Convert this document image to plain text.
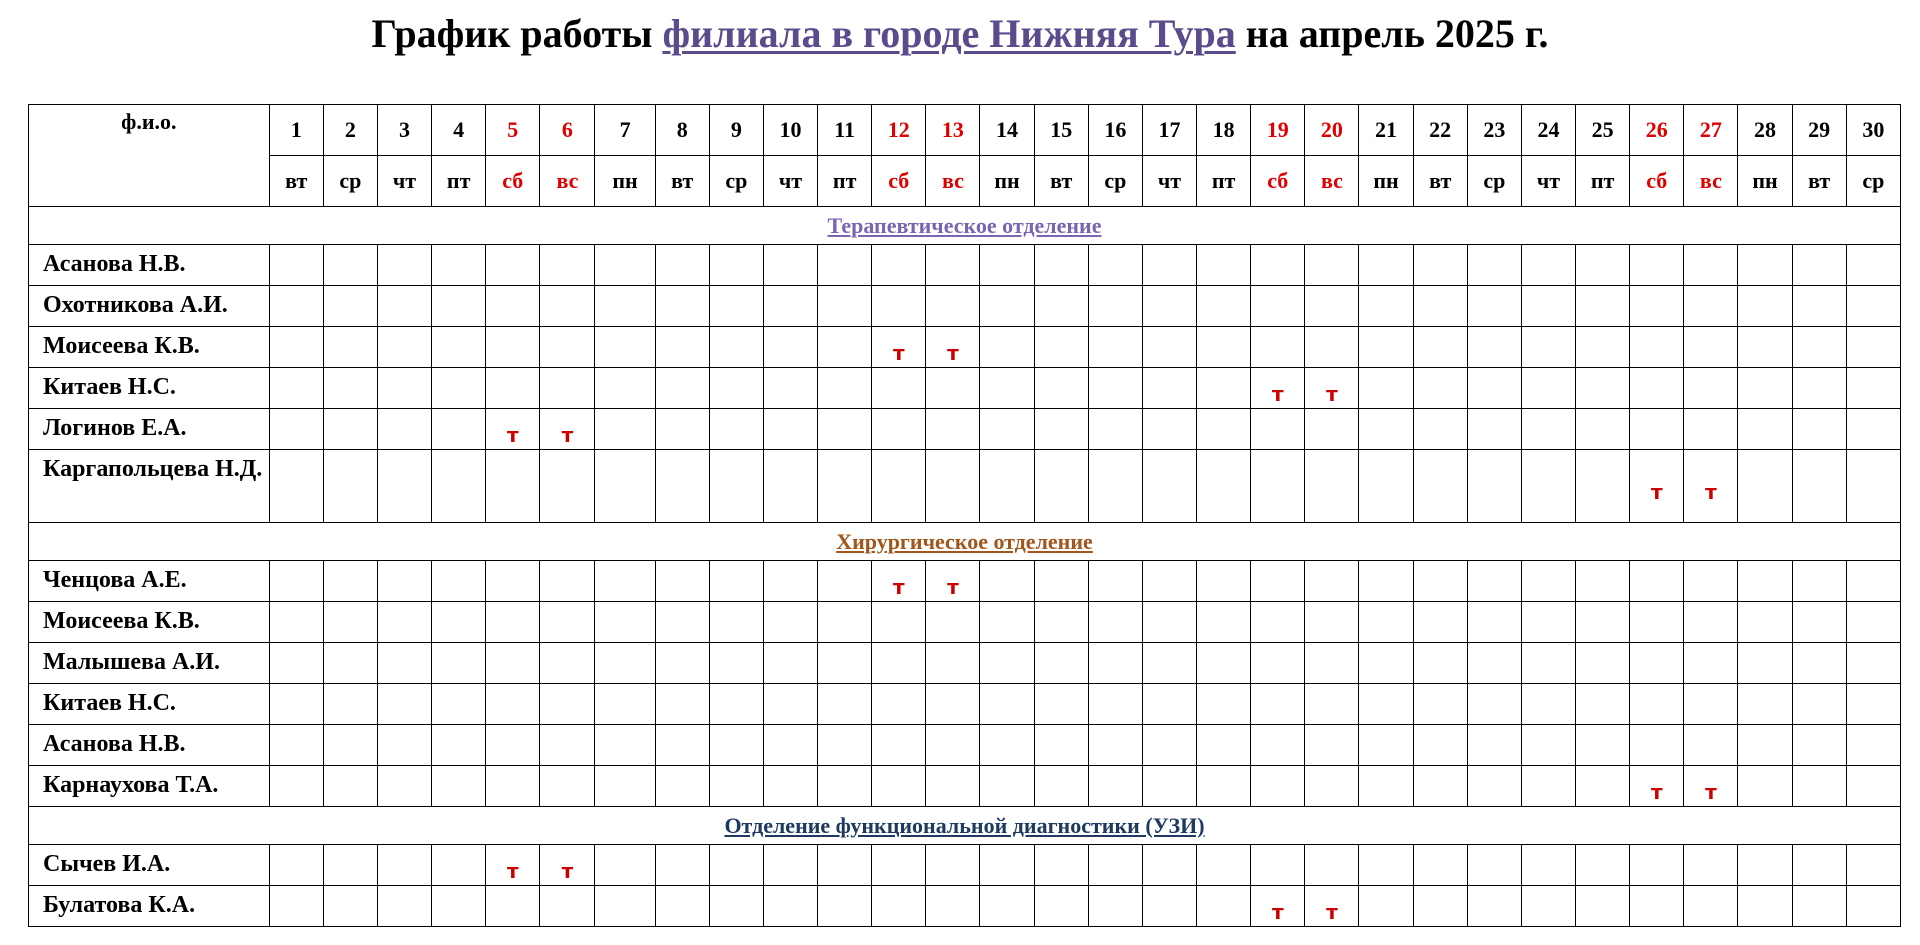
График работы филиала в городе Нижняя Тура на апрель 2025 г.
ф.и.о.	1	2	3	4	5	6	7	8	9	10	11	12	13	14	15	16	17	18	19	20	21	22	23	24	25	26	27	28	29	30
	вт	ср	чт	пт	сб	вс	пн	вт	ср	чт	пт	сб	вс	пн	вт	ср	чт	пт	сб	вс	пн	вт	ср	чт	пт	сб	вс	пн	вт	ср
Терапевтическое отделение																														
Асанова Н.В.																														
Охотникова А.И.																														
Моисеева К.В.												т	т																	
Китаев Н.С.																			т	т										
Логинов Е.А.					т	т																								
Каргапольцева Н.Д.																										т	т			
Хирургическое отделение																														
Ченцова А.Е.												т	т																	
Моисеева К.В.																														
Малышева А.И.																														
Китаев Н.С.																														
Асанова Н.В.																														
Карнаухова Т.А.																										т	т			
Отделение функциональной диагностики (УЗИ)																														
Сычев И.А.					т	т																								
Булатова К.А.																			т	т										
